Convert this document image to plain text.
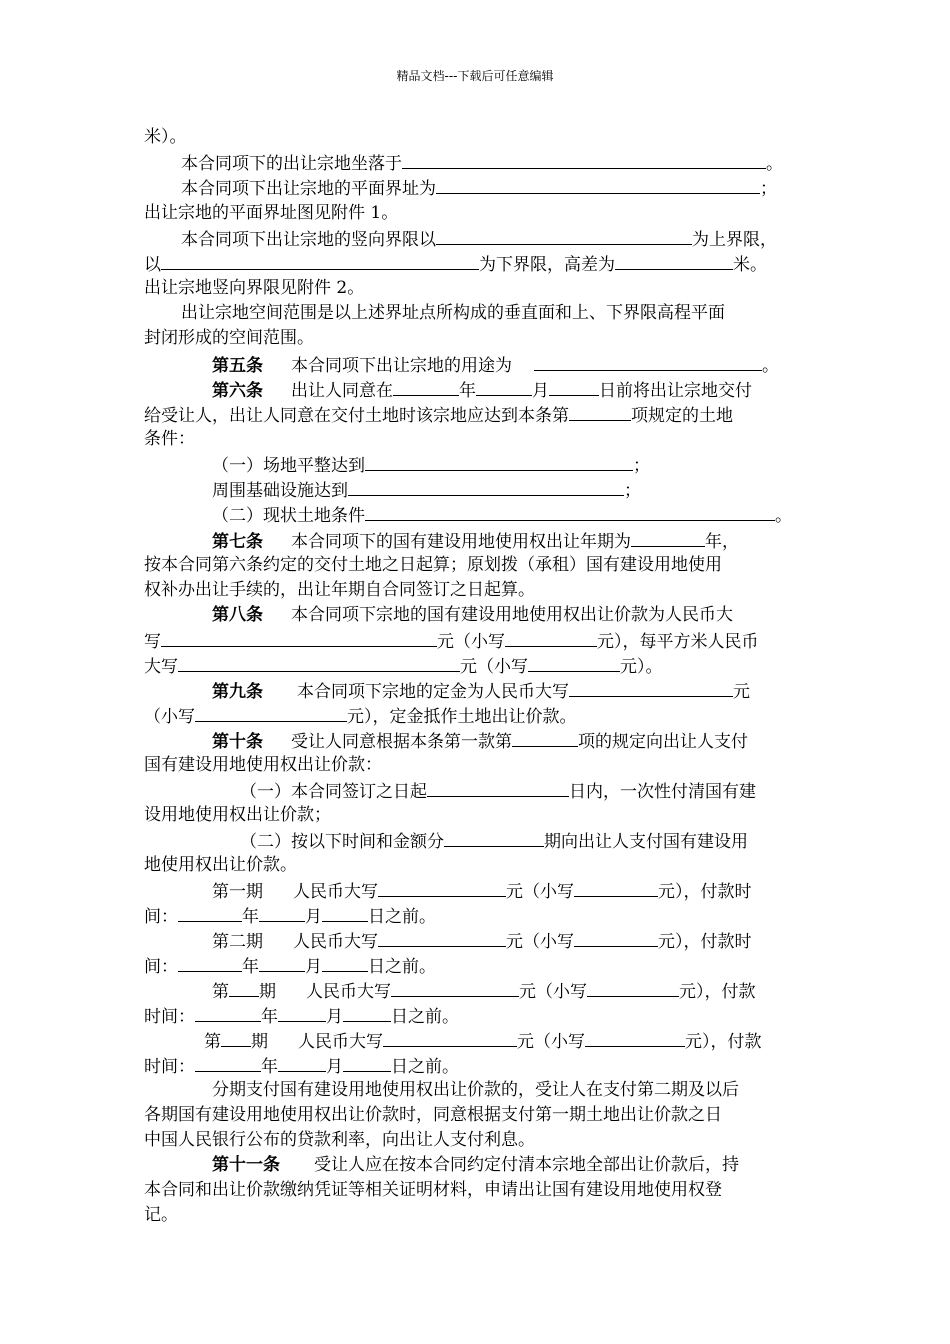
精品文档---下载后可任意编辑
米）。
本合同项下的出让宗地坐落于	。
本合同项下出让宗地的平面界址为	；
出让宗地的平面界址图见附件 1。
本合同项下出让宗地的竖向界限以	为上界限，
以	为下界限，高差为	米。
出让宗地竖向界限见附件 2。
出让宗地空间范围是以上述界址点所构成的垂直面和上、下界限高程平面
封闭形成的空间范围。
第五条 本合同项下出让宗地的用途为	。
第六条 出让人同意在	年	月	日前将出让宗地交付
给受让人，出让人同意在交付土地时该宗地应达到本条第	项规定的土地
条件：
（一）场地平整达到	；
周围基础设施达到	；
（二）现状土地条件	。
第七条 本合同项下的国有建设用地使用权出让年期为	年，
按本合同第六条约定的交付土地之日起算；原划拨（承租）国有建设用地使用
权补办出让手续的，出让年期自合同签订之日起算。
第八条 本合同项下宗地的国有建设用地使用权出让价款为人民币大
写	元（小写	元），每平方米人民币
大写	元（小写	元）。
第九条 本合同项下宗地的定金为人民币大写	元
（小写	元），定金抵作土地出让价款。
第十条 受让人同意根据本条第一款第	项的规定向出让人支付
国有建设用地使用权出让价款：
（一）本合同签订之日起	日内，一次性付清国有建
设用地使用权出让价款；
（二）按以下时间和金额分	期向出让人支付国有建设用
地使用权出让价款。
第一期 人民币大写	元（小写	元），付款时
间：	年	月	日之前。
第二期 人民币大写	元（小写	元），付款时
间：	年	月	日之前。
第 期 人民币大写	元（小写	元），付款
时间：	年	月	日之前。
第 期 人民币大写	元（小写	元），付款
时间：	年	月	日之前。
分期支付国有建设用地使用权出让价款的，受让人在支付第二期及以后
各期国有建设用地使用权出让价款时，同意根据支付第一期土地出让价款之日
中国人民银行公布的贷款利率，向出让人支付利息。
第十一条 受让人应在按本合同约定付清本宗地全部出让价款后，持
本合同和出让价款缴纳凭证等相关证明材料，申请出让国有建设用地使用权登
记。
